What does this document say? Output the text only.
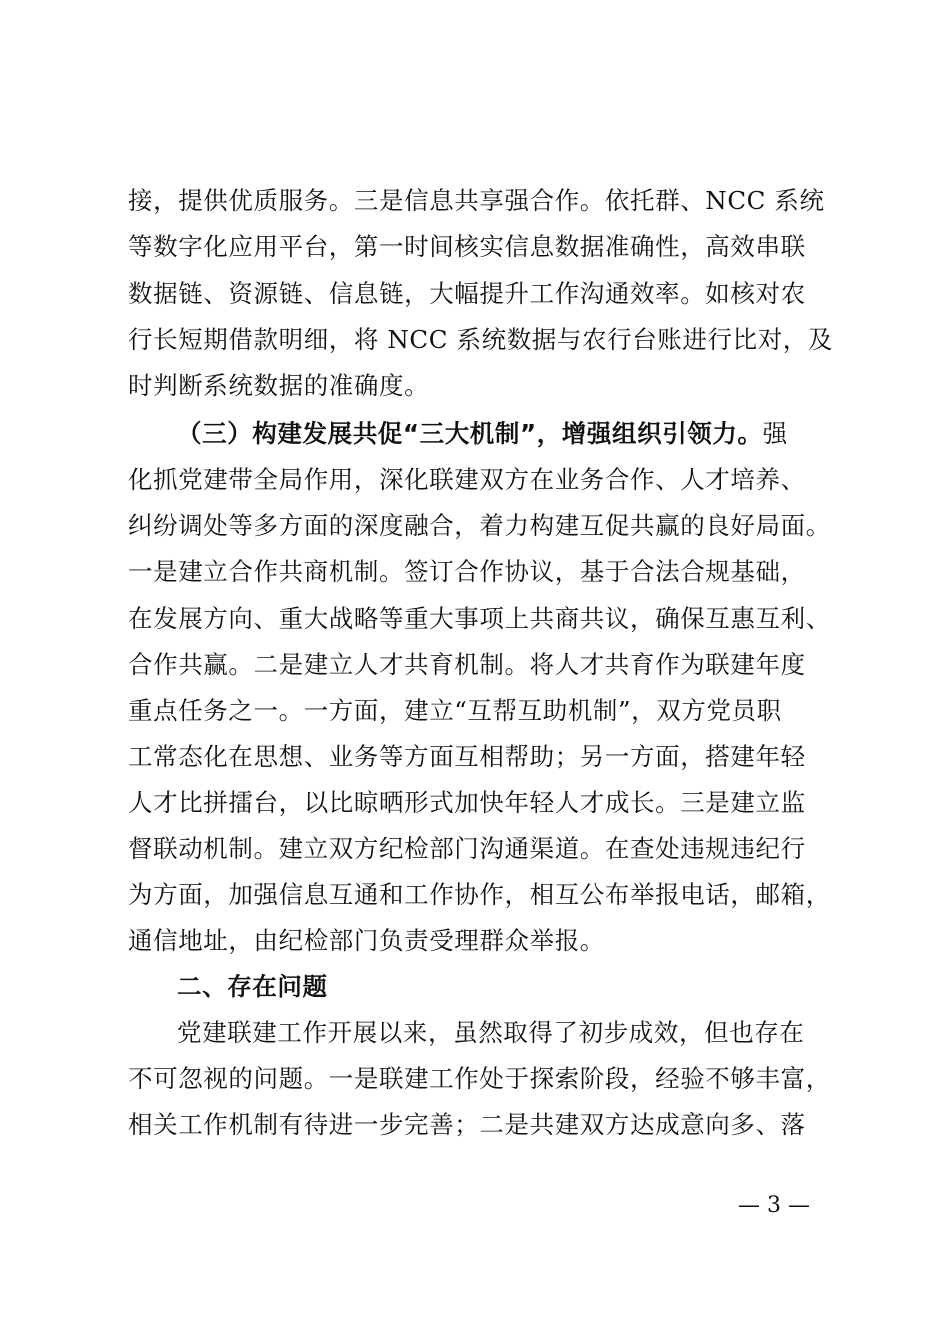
接，提供优质服务。三是信息共享强合作。依托群、NCC 系统
等数字化应用平台，第一时间核实信息数据准确性，高效串联
数据链、资源链、信息链，大幅提升工作沟通效率。如核对农
行长短期借款明细，将 NCC 系统数据与农行台账进行比对，及
时判断系统数据的准确度。
（三）构建发展共促“三大机制”，增强组织引领力。强
化抓党建带全局作用，深化联建双方在业务合作、人才培养、
纠纷调处等多方面的深度融合，着力构建互促共赢的良好局面。
一是建立合作共商机制。签订合作协议，基于合法合规基础，
在发展方向、重大战略等重大事项上共商共议，确保互惠互利、
合作共赢。二是建立人才共育机制。将人才共育作为联建年度
重点任务之一。一方面，建立“互帮互助机制”，双方党员职
工常态化在思想、业务等方面互相帮助；另一方面，搭建年轻
人才比拼擂台，以比晾晒形式加快年轻人才成长。三是建立监
督联动机制。建立双方纪检部门沟通渠道。在查处违规违纪行
为方面，加强信息互通和工作协作，相互公布举报电话，邮箱，
通信地址，由纪检部门负责受理群众举报。
二、存在问题
党建联建工作开展以来，虽然取得了初步成效，但也存在
不可忽视的问题。一是联建工作处于探索阶段，经验不够丰富，
相关工作机制有待进一步完善；二是共建双方达成意向多、落
— 3 —
